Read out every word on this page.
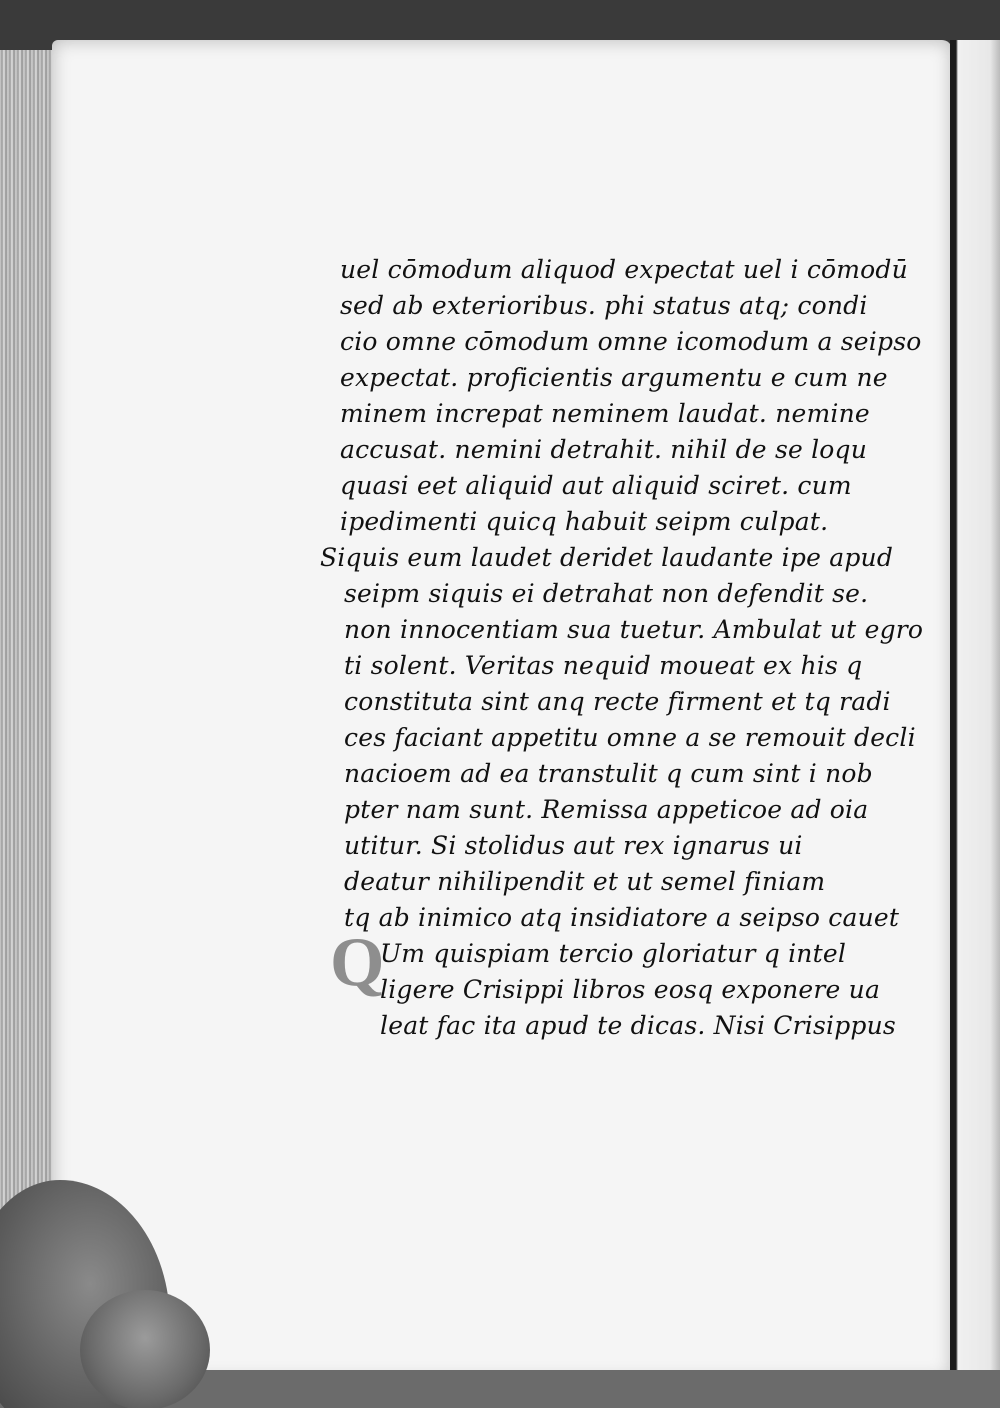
uel cōmodum aliquod expectat uel i cōmodū
sed ab exterioribus. phi status atq; condi
cio omne cōmodum omne icomodum a seipso
expectat. proficientis argumentu e cum ne
minem increpat neminem laudat. nemine
accusat. nemini detrahit. nihil de se loqu
quasi eet aliquid aut aliquid sciret. cum
ipedimenti quicq habuit seipm culpat.
Siquis eum laudet deridet laudante ipe apud
seipm siquis ei detrahat non defendit se.
non innocentiam sua tuetur. Ambulat ut egro
ti solent. Veritas nequid moueat ex his q
constituta sint anq recte firment et tq radi
ces faciant appetitu omne a se remouit decli
nacioem ad ea transtulit q cum sint i nob
pter nam sunt. Remissa appeticoe ad oia
utitur. Si stolidus aut rex ignarus ui
deatur nihilipendit et ut semel finiam
tq ab inimico atq insidiatore a seipso cauet
Um quispiam tercio gloriatur q intel
ligere Crisippi libros eosq exponere ua
leat fac ita apud te dicas. Nisi Crisippus
Q
